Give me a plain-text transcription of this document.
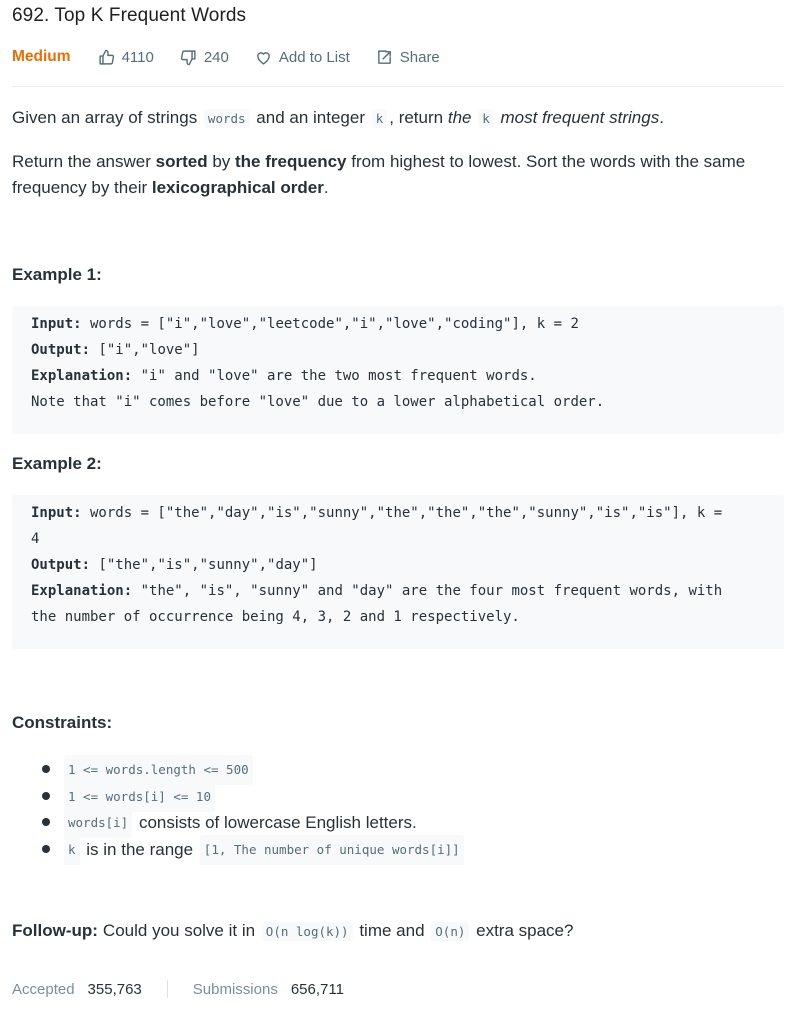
692. Top K Frequent Words
Medium	4110	240	Add to List	Share
Given an array of strings words and an integer k , return the k most frequent strings.
Return the answer sorted by the frequency from highest to lowest. Sort the words with the same frequency by their lexicographical order.
Example 1:
Input: words = ["i","love","leetcode","i","love","coding"], k = 2
Output: ["i","love"]
Explanation: "i" and "love" are the two most frequent words.
Note that "i" comes before "love" due to a lower alphabetical order.
Example 2:
Input: words = ["the","day","is","sunny","the","the","the","sunny","is","is"], k =
4
Output: ["the","is","sunny","day"]
Explanation: "the", "is", "sunny" and "day" are the four most frequent words, with
the number of occurrence being 4, 3, 2 and 1 respectively.
Constraints:
1 <= words.length <= 500
1 <= words[i] <= 10
words[i]
consists of lowercase English letters.
k
is in the range
[1, The number of unique words[i]]
Follow-up: Could you solve it in
O(n log(k))
time and
O(n)
extra space?
Accepted 355,763	Submissions 656,711
